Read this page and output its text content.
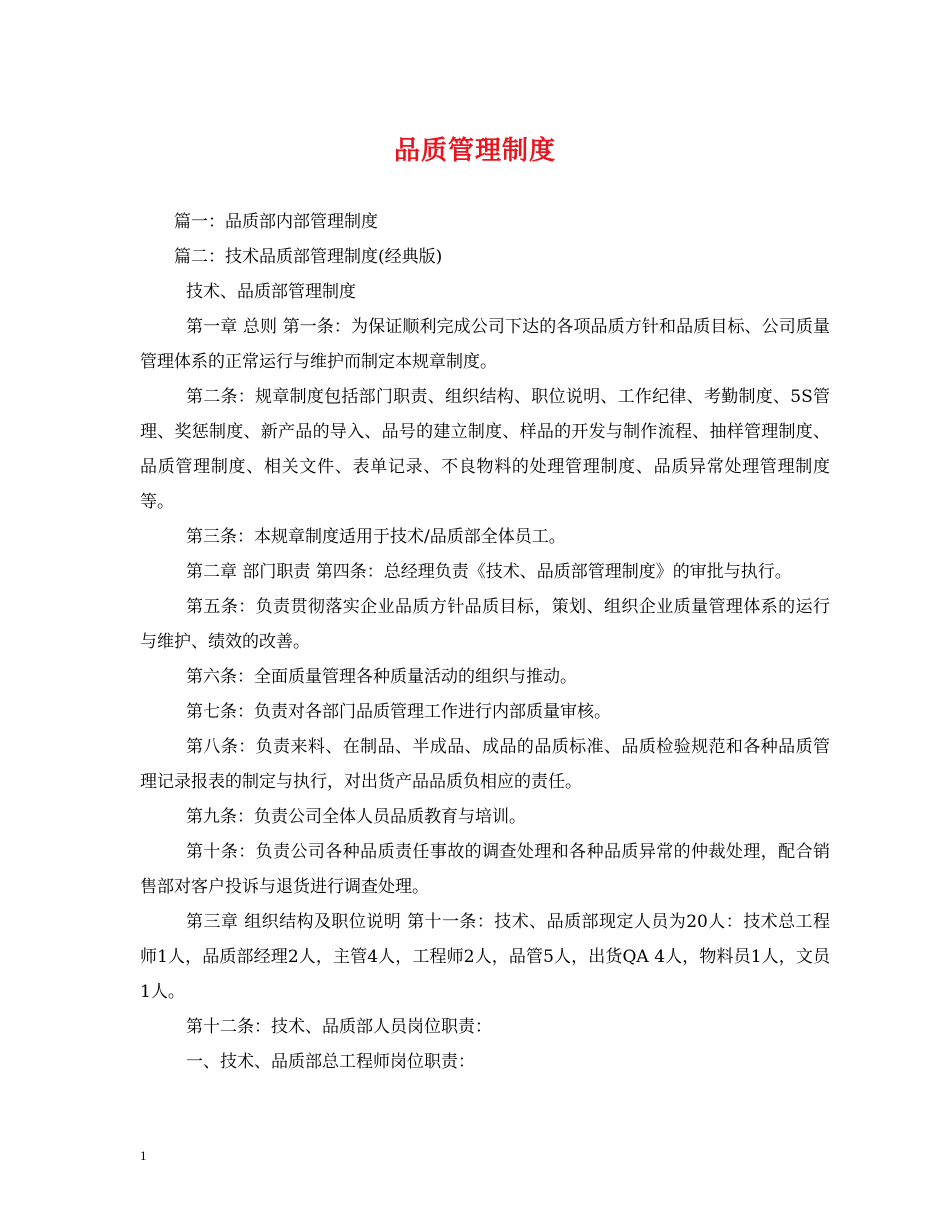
品质管理制度

篇一：品质部内部管理制度

篇二：技术品质部管理制度(经典版)

技术、品质部管理制度

第一章 总则 第一条：为保证顺利完成公司下达的各项品质方针和品质目标、公司质量管理体系的正常运行与维护而制定本规章制度。

第二条：规章制度包括部门职责、组织结构、职位说明、工作纪律、考勤制度、5S管理、奖惩制度、新产品的导入、品号的建立制度、样品的开发与制作流程、抽样管理制度、品质管理制度、相关文件、表单记录、不良物料的处理管理制度、品质异常处理管理制度等。

第三条：本规章制度适用于技术/品质部全体员工。

第二章 部门职责 第四条：总经理负责《技术、品质部管理制度》的审批与执行。

第五条：负责贯彻落实企业品质方针品质目标，策划、组织企业质量管理体系的运行与维护、绩效的改善。

第六条：全面质量管理各种质量活动的组织与推动。

第七条：负责对各部门品质管理工作进行内部质量审核。

第八条：负责来料、在制品、半成品、成品的品质标准、品质检验规范和各种品质管理记录报表的制定与执行，对出货产品品质负相应的责任。

第九条：负责公司全体人员品质教育与培训。

第十条：负责公司各种品质责任事故的调查处理和各种品质异常的仲裁处理，配合销售部对客户投诉与退货进行调查处理。

第三章 组织结构及职位说明 第十一条：技术、品质部现定人员为20人：技术总工程师1人，品质部经理2人，主管4人，工程师2人，品管5人，出货QA 4人，物料员1人，文员1人。

第十二条：技术、品质部人员岗位职责：

一、技术、品质部总工程师岗位职责：

1
